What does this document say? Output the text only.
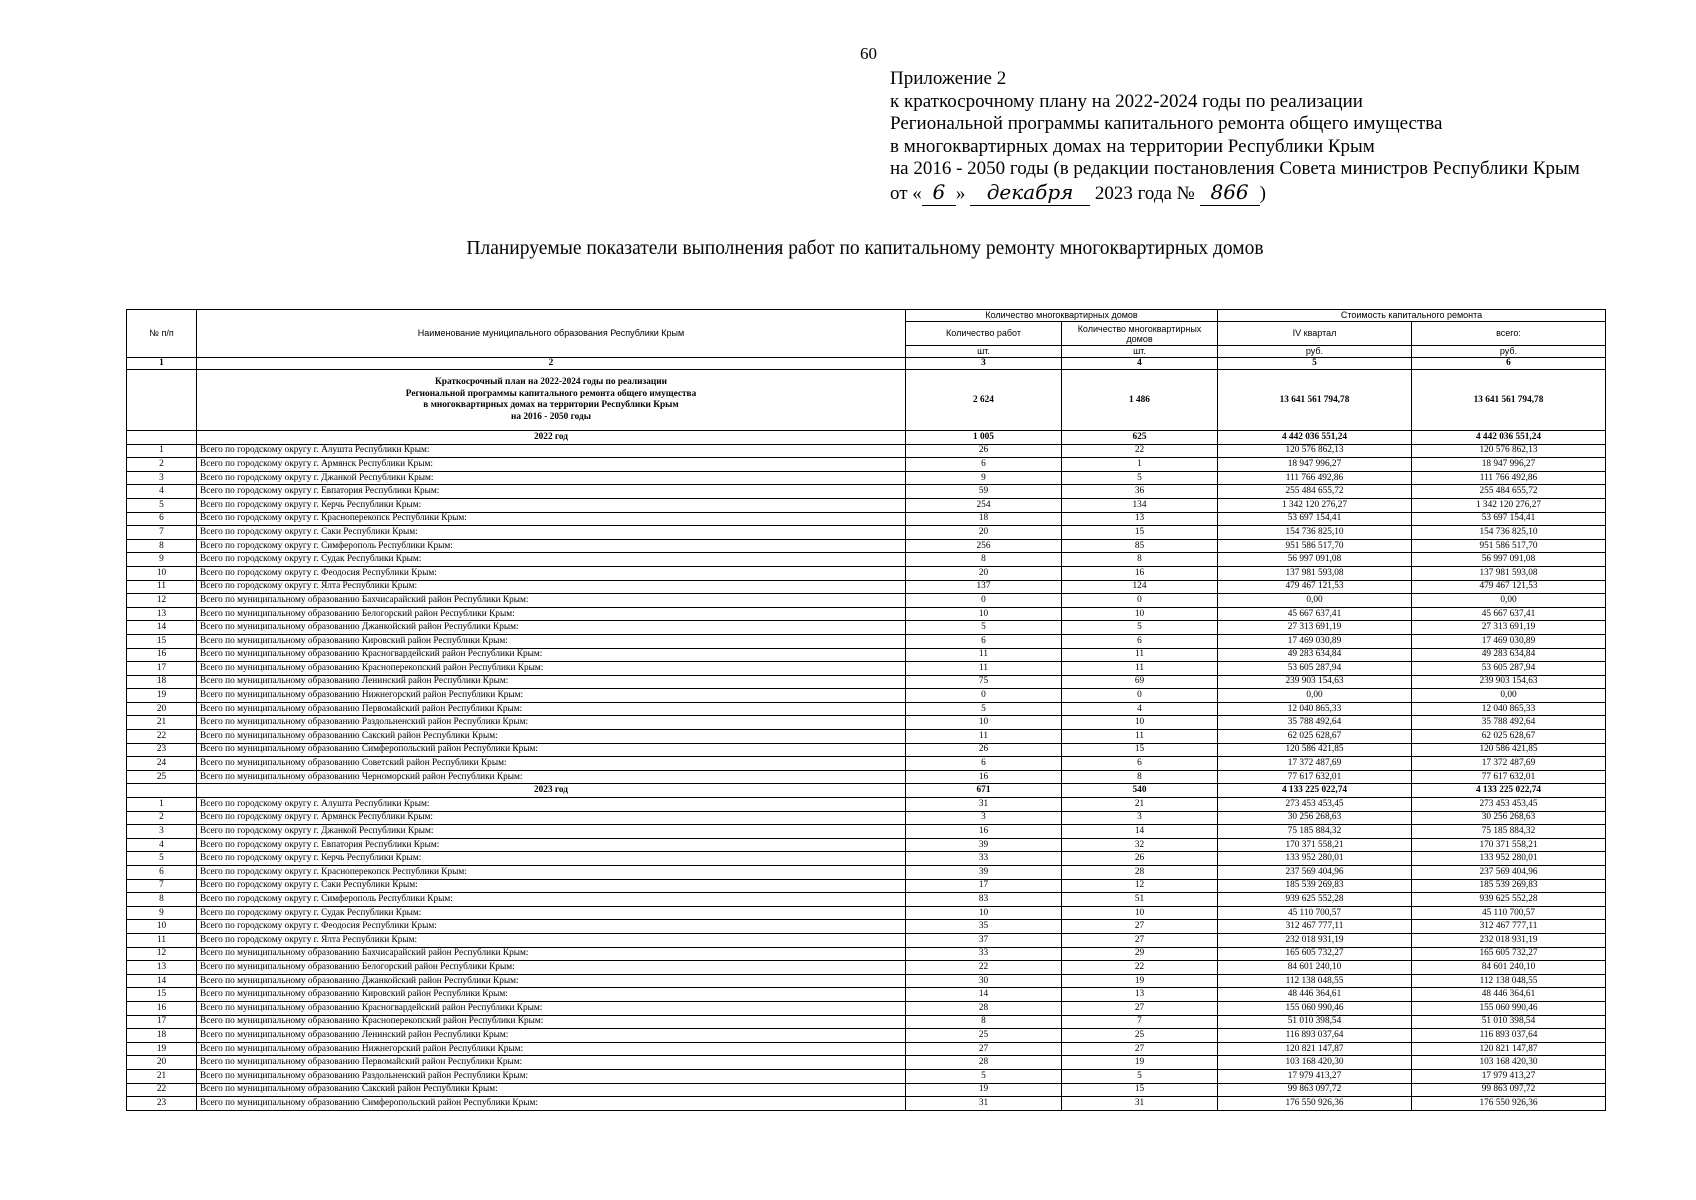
60
Приложение 2
к краткосрочному плану на 2022-2024 годы по реализации
Региональной программы капитального ремонта общего имущества
в многоквартирных домах на территории Республики Крым
на 2016 - 2050 годы (в редакции постановления Совета министров Республики Крым
от « 6 » декабря 2023 года № 866 )
Планируемые показатели выполнения работ по капитальному ремонту многоквартирных домов
№ п/п	Наименование муниципального образования Республики Крым	Количество многоквартирных домов		Стоимость капитального ремонта	
		Количество работ	Количество многоквартирных домов	IV квартал	всего:
		шт.	шт.	руб.	руб.
1	2	3	4	5	6

	Краткосрочный план на 2022-2024 годы по реализации
Региональной программы капитального ремонта общего имущества
в многоквартирных домах на территории Республики Крым
на 2016 - 2050 годы	2 624	1 486	13 641 561 794,78	13 641 561 794,78
	2022 год	1 005	625	4 442 036 551,24	4 442 036 551,24
1	Всего по городскому округу г. Алушта Республики Крым:	26	22	120 576 862,13	120 576 862,13
2	Всего по городскому округу г. Армянск Республики Крым:	6	1	18 947 996,27	18 947 996,27
3	Всего по городскому округу г. Джанкой Республики Крым:	9	5	111 766 492,86	111 766 492,86
4	Всего по городскому округу г. Евпатория Республики Крым:	59	36	255 484 655,72	255 484 655,72
5	Всего по городскому округу г. Керчь Республики Крым:	254	134	1 342 120 276,27	1 342 120 276,27
6	Всего по городскому округу г. Красноперекопск Республики Крым:	18	13	53 697 154,41	53 697 154,41
7	Всего по городскому округу г. Саки Республики Крым:	20	15	154 736 825,10	154 736 825,10
8	Всего по городскому округу г. Симферополь Республики Крым:	256	85	951 586 517,70	951 586 517,70
9	Всего по городскому округу г. Судак Республики Крым:	8	8	56 997 091,08	56 997 091,08
10	Всего по городскому округу г. Феодосия Республики Крым:	20	16	137 981 593,08	137 981 593,08
11	Всего по городскому округу г. Ялта Республики Крым:	137	124	479 467 121,53	479 467 121,53
12	Всего по муниципальному образованию Бахчисарайский район Республики Крым:	0	0	0,00	0,00
13	Всего по муниципальному образованию Белогорский район Республики Крым:	10	10	45 667 637,41	45 667 637,41
14	Всего по муниципальному образованию Джанкойский район Республики Крым:	5	5	27 313 691,19	27 313 691,19
15	Всего по муниципальному образованию Кировский район Республики Крым:	6	6	17 469 030,89	17 469 030,89
16	Всего по муниципальному образованию Красногвардейский район Республики Крым:	11	11	49 283 634,84	49 283 634,84
17	Всего по муниципальному образованию Красноперекопский район Республики Крым:	11	11	53 605 287,94	53 605 287,94
18	Всего по муниципальному образованию Ленинский район Республики Крым:	75	69	239 903 154,63	239 903 154,63
19	Всего по муниципальному образованию Нижнегорский район Республики Крым:	0	0	0,00	0,00
20	Всего по муниципальному образованию Первомайский район Республики Крым:	5	4	12 040 865,33	12 040 865,33
21	Всего по муниципальному образованию Раздольненский район Республики Крым:	10	10	35 788 492,64	35 788 492,64
22	Всего по муниципальному образованию Сакский район Республики Крым:	11	11	62 025 628,67	62 025 628,67
23	Всего по муниципальному образованию Симферопольский район Республики Крым:	26	15	120 586 421,85	120 586 421,85
24	Всего по муниципальному образованию Советский район Республики Крым:	6	6	17 372 487,69	17 372 487,69
25	Всего по муниципальному образованию Черноморский район Республики Крым:	16	8	77 617 632,01	77 617 632,01
	2023 год	671	540	4 133 225 022,74	4 133 225 022,74
1	Всего по городскому округу г. Алушта Республики Крым:	31	21	273 453 453,45	273 453 453,45
2	Всего по городскому округу г. Армянск Республики Крым:	3	3	30 256 268,63	30 256 268,63
3	Всего по городскому округу г. Джанкой Республики Крым:	16	14	75 185 884,32	75 185 884,32
4	Всего по городскому округу г. Евпатория Республики Крым:	39	32	170 371 558,21	170 371 558,21
5	Всего по городскому округу г. Керчь Республики Крым:	33	26	133 952 280,01	133 952 280,01
6	Всего по городскому округу г. Красноперекопск Республики Крым:	39	28	237 569 404,96	237 569 404,96
7	Всего по городскому округу г. Саки Республики Крым:	17	12	185 539 269,83	185 539 269,83
8	Всего по городскому округу г. Симферополь Республики Крым:	83	51	939 625 552,28	939 625 552,28
9	Всего по городскому округу г. Судак Республики Крым:	10	10	45 110 700,57	45 110 700,57
10	Всего по городскому округу г. Феодосия Республики Крым:	35	27	312 467 777,11	312 467 777,11
11	Всего по городскому округу г. Ялта Республики Крым:	37	27	232 018 931,19	232 018 931,19
12	Всего по муниципальному образованию Бахчисарайский район Республики Крым:	33	29	165 605 732,27	165 605 732,27
13	Всего по муниципальному образованию Белогорский район Республики Крым:	22	22	84 601 240,10	84 601 240,10
14	Всего по муниципальному образованию Джанкойский район Республики Крым:	30	19	112 138 048,55	112 138 048,55
15	Всего по муниципальному образованию Кировский район Республики Крым:	14	13	48 446 364,61	48 446 364,61
16	Всего по муниципальному образованию Красногвардейский район Республики Крым:	28	27	155 060 990,46	155 060 990,46
17	Всего по муниципальному образованию Красноперекопский район Республики Крым:	8	7	51 010 398,54	51 010 398,54
18	Всего по муниципальному образованию Ленинский район Республики Крым:	25	25	116 893 037,64	116 893 037,64
19	Всего по муниципальному образованию Нижнегорский район Республики Крым:	27	27	120 821 147,87	120 821 147,87
20	Всего по муниципальному образованию Первомайский район Республики Крым:	28	19	103 168 420,30	103 168 420,30
21	Всего по муниципальному образованию Раздольненский район Республики Крым:	5	5	17 979 413,27	17 979 413,27
22	Всего по муниципальному образованию Сакский район Республики Крым:	19	15	99 863 097,72	99 863 097,72
23	Всего по муниципальному образованию Симферопольский район Республики Крым:	31	31	176 550 926,36	176 550 926,36
